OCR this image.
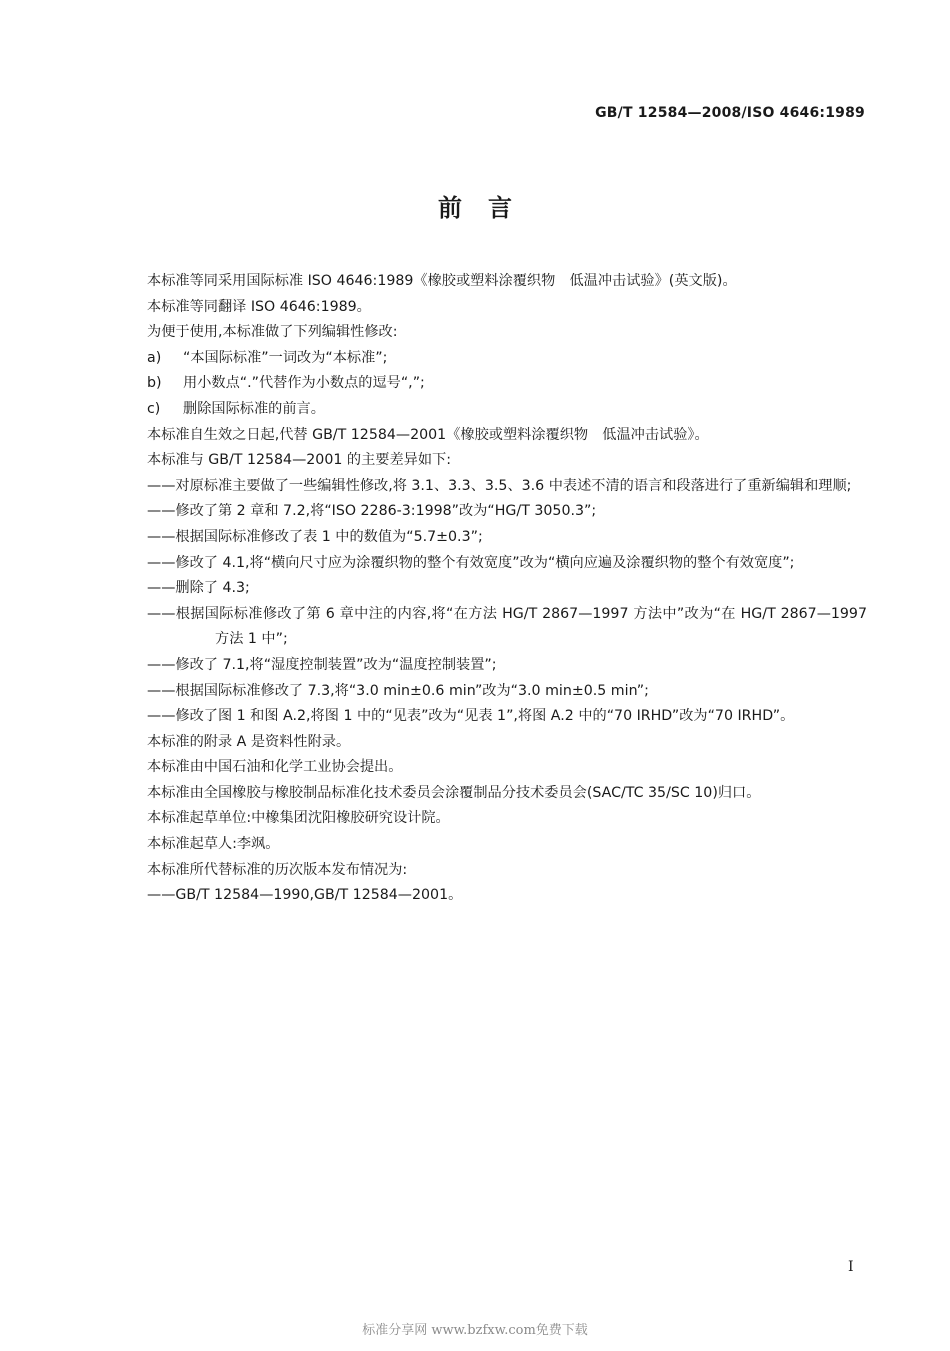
GB/T 12584—2008/ISO 4646:1989
前言
本标准等同采用国际标准 ISO 4646:1989《橡胶或塑料涂覆织物　低温冲击试验》(英文版)。
本标准等同翻译 ISO 4646:1989。
为便于使用,本标准做了下列编辑性修改:
a) “本国际标准”一词改为“本标准”;
b) 用小数点“.”代替作为小数点的逗号“,”;
c) 删除国际标准的前言。
本标准自生效之日起,代替 GB/T 12584—2001《橡胶或塑料涂覆织物　低温冲击试验》。
本标准与 GB/T 12584—2001 的主要差异如下:
——对原标准主要做了一些编辑性修改,将 3.1、3.3、3.5、3.6 中表述不清的语言和段落进行了重新编辑和理顺;
——修改了第 2 章和 7.2,将“ISO 2286-3:1998”改为“HG/T 3050.3”;
——根据国际标准修改了表 1 中的数值为“5.7±0.3”;
——修改了 4.1,将“横向尺寸应为涂覆织物的整个有效宽度”改为“横向应遍及涂覆织物的整个有效宽度”;
——删除了 4.3;
——根据国际标准修改了第 6 章中注的内容,将“在方法 HG/T 2867—1997 方法中”改为“在 HG/T 2867—1997 方法 1 中”;
——修改了 7.1,将“湿度控制装置”改为“温度控制装置”;
——根据国际标准修改了 7.3,将“3.0 min±0.6 min”改为“3.0 min±0.5 min”;
——修改了图 1 和图 A.2,将图 1 中的“见表”改为“见表 1”,将图 A.2 中的“70 IRHD”改为“70 IRHD”。
本标准的附录 A 是资料性附录。
本标准由中国石油和化学工业协会提出。
本标准由全国橡胶与橡胶制品标准化技术委员会涂覆制品分技术委员会(SAC/TC 35/SC 10)归口。
本标准起草单位:中橡集团沈阳橡胶研究设计院。
本标准起草人:李飒。
本标准所代替标准的历次版本发布情况为:
——GB/T 12584—1990,GB/T 12584—2001。
I
标准分享网 www.bzfxw.com免费下载
